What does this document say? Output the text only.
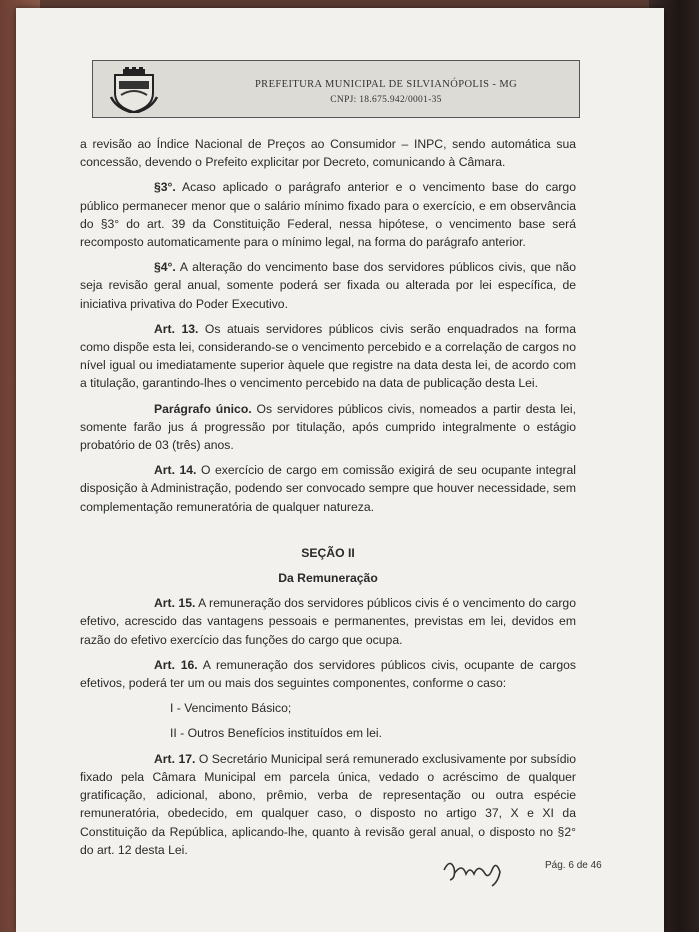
PREFEITURA MUNICIPAL DE SILVIANÓPOLIS - MG
CNPJ: 18.675.942/0001-35

a revisão ao Índice Nacional de Preços ao Consumidor – INPC, sendo automática sua concessão, devendo o Prefeito explicitar por Decreto, comunicando à Câmara.

§3°. Acaso aplicado o parágrafo anterior e o vencimento base do cargo público permanecer menor que o salário mínimo fixado para o exercício, e em observância do §3° do art. 39 da Constituição Federal, nessa hipótese, o vencimento base será recomposto automaticamente para o mínimo legal, na forma do parágrafo anterior.

§4°. A alteração do vencimento base dos servidores públicos civis, que não seja revisão geral anual, somente poderá ser fixada ou alterada por lei específica, de iniciativa privativa do Poder Executivo.

Art. 13. Os atuais servidores públicos civis serão enquadrados na forma como dispõe esta lei, considerando-se o vencimento percebido e a correlação de cargos no nível igual ou imediatamente superior àquele que registre na data desta lei, de acordo com a titulação, garantindo-lhes o vencimento percebido na data de publicação desta Lei.

Parágrafo único. Os servidores públicos civis, nomeados a partir desta lei, somente farão jus á progressão por titulação, após cumprido integralmente o estágio probatório de 03 (três) anos.

Art. 14. O exercício de cargo em comissão exigirá de seu ocupante integral disposição à Administração, podendo ser convocado sempre que houver necessidade, sem complementação remuneratória de qualquer natureza.

SEÇÃO II

Da Remuneração

Art. 15. A remuneração dos servidores públicos civis é o vencimento do cargo efetivo, acrescido das vantagens pessoais e permanentes, previstas em lei, devidos em razão do efetivo exercício das funções do cargo que ocupa.

Art. 16. A remuneração dos servidores públicos civis, ocupante de cargos efetivos, poderá ter um ou mais dos seguintes componentes, conforme o caso:

I - Vencimento Básico;

II - Outros Benefícios instituídos em lei.

Art. 17. O Secretário Municipal será remunerado exclusivamente por subsídio fixado pela Câmara Municipal em parcela única, vedado o acréscimo de qualquer gratificação, adicional, abono, prêmio, verba de representação ou outra espécie remuneratória, obedecido, em qualquer caso, o disposto no artigo 37, X e XI da Constituição da República, aplicando-lhe, quanto à revisão geral anual, o disposto no §2° do art. 12 desta Lei.

Pág. 6 de 46
